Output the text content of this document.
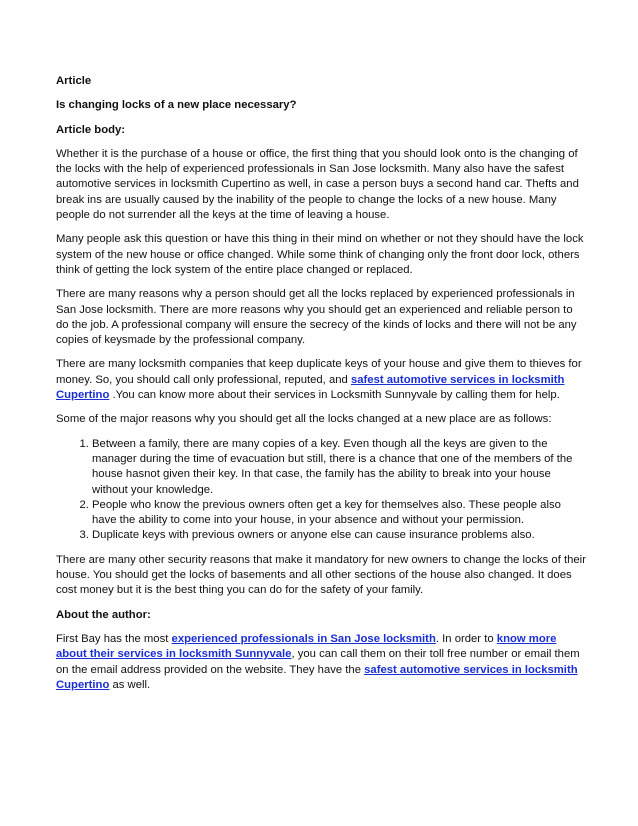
Article
Is changing locks of a new place necessary?
Article body:

Whether it is the purchase of a house or office, the first thing that you should look onto is the changing of the locks with the help of experienced professionals in San Jose locksmith. Many also have the safest automotive services in locksmith Cupertino as well, in case a person buys a second hand car. Thefts and break ins are usually caused by the inability of the people to change the locks of a new house. Many people do not surrender all the keys at the time of leaving a house.

Many people ask this question or have this thing in their mind on whether or not they should have the lock system of the new house or office changed. While some think of changing only the front door lock, others think of getting the lock system of the entire place changed or replaced.

There are many reasons why a person should get all the locks replaced by experienced professionals in San Jose locksmith. There are more reasons why you should get an experienced and reliable person to do the job. A professional company will ensure the secrecy of the kinds of locks and there will not be any copies of keysmade by the professional company.

There are many locksmith companies that keep duplicate keys of your house and give them to thieves for money. So, you should call only professional, reputed, and safest automotive services in locksmith Cupertino .You can know more about their services in Locksmith Sunnyvale by calling them for help.

Some of the major reasons why you should get all the locks changed at a new place are as follows:

1. Between a family, there are many copies of a key. Even though all the keys are given to the manager during the time of evacuation but still, there is a chance that one of the members of the house hasnot given their key. In that case, the family has the ability to break into your house without your knowledge.
2. People who know the previous owners often get a key for themselves also. These people also have the ability to come into your house, in your absence and without your permission.
3. Duplicate keys with previous owners or anyone else can cause insurance problems also.

There are many other security reasons that make it mandatory for new owners to change the locks of their house. You should get the locks of basements and all other sections of the house also changed. It does cost money but it is the best thing you can do for the safety of your family.

About the author:

First Bay has the most experienced professionals in San Jose locksmith. In order to know more about their services in locksmith Sunnyvale, you can call them on their toll free number or email them on the email address provided on the website. They have the safest automotive services in locksmith Cupertino as well.
